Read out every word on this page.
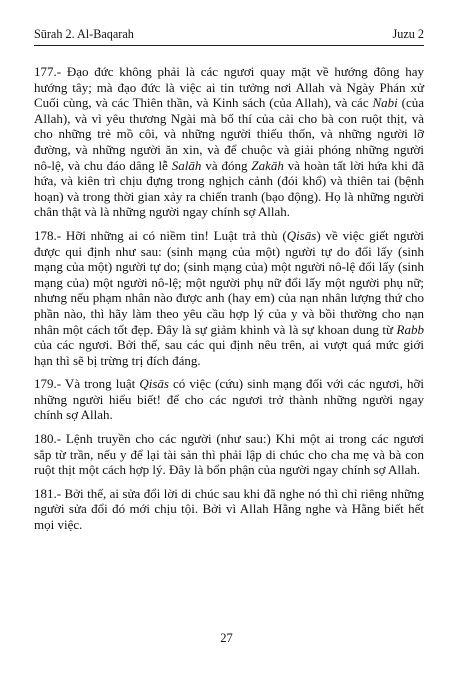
Sūrah 2. Al-Baqarah	Juzu 2

177.- Đạo đức không phải là các ngươi quay mặt về hướng đông hay hướng tây; mà đạo đức là việc ai tin tưởng nơi Allah và Ngày Phán xử Cuối cùng, và các Thiên thần, và Kinh sách (của Allah), và các Nabi (của Allah), và vì yêu thương Ngài mà bố thí của cải cho bà con ruột thịt, và cho những trẻ mồ côi, và những người thiếu thốn, và những người lỡ đường, và những người ăn xin, và để chuộc và giải phóng những người nô-lệ, và chu đáo dâng lễ Salāh và đóng Zakāh và hoàn tất lời hứa khi đã hứa, và kiên trì chịu đựng trong nghịch cảnh (đói khổ) và thiên tai (bệnh hoạn) và trong thời gian xảy ra chiến tranh (bạo động). Họ là những người chân thật và là những người ngay chính sợ Allah.

178.- Hỡi những ai có niềm tin! Luật trả thù (Qisās) về việc giết người được qui định như sau: (sinh mạng của một) người tự do đổi lấy (sinh mạng của một) người tự do; (sinh mạng của) một người nô-lệ đổi lấy (sinh mạng của) một người nô-lệ; một người phụ nữ đổi lấy một người phụ nữ; nhưng nếu phạm nhân nào được anh (hay em) của nạn nhân lượng thứ cho phần nào, thì hãy làm theo yêu cầu hợp lý của y và bồi thường cho nạn nhân một cách tốt đẹp. Đây là sự giảm khinh và là sự khoan dung từ Rabb của các ngươi. Bởi thế, sau các qui định nêu trên, ai vượt quá mức giới hạn thì sẽ bị trừng trị đích đáng.

179.- Và trong luật Qisās có việc (cứu) sinh mạng đối với các ngươi, hỡi những người hiểu biết! để cho các ngươi trở thành những người ngay chính sợ Allah.

180.- Lệnh truyền cho các người (như sau:) Khi một ai trong các ngươi sắp từ trần, nếu y để lại tài sản thì phải lập di chúc cho cha mẹ và bà con ruột thịt một cách hợp lý. Đây là bổn phận của người ngay chính sợ Allah.

181.- Bởi thế, ai sửa đổi lời di chúc sau khi đã nghe nó thì chỉ riêng những người sửa đổi đó mới chịu tội. Bởi vì Allah Hằng nghe và Hằng biết hết mọi việc.

27
